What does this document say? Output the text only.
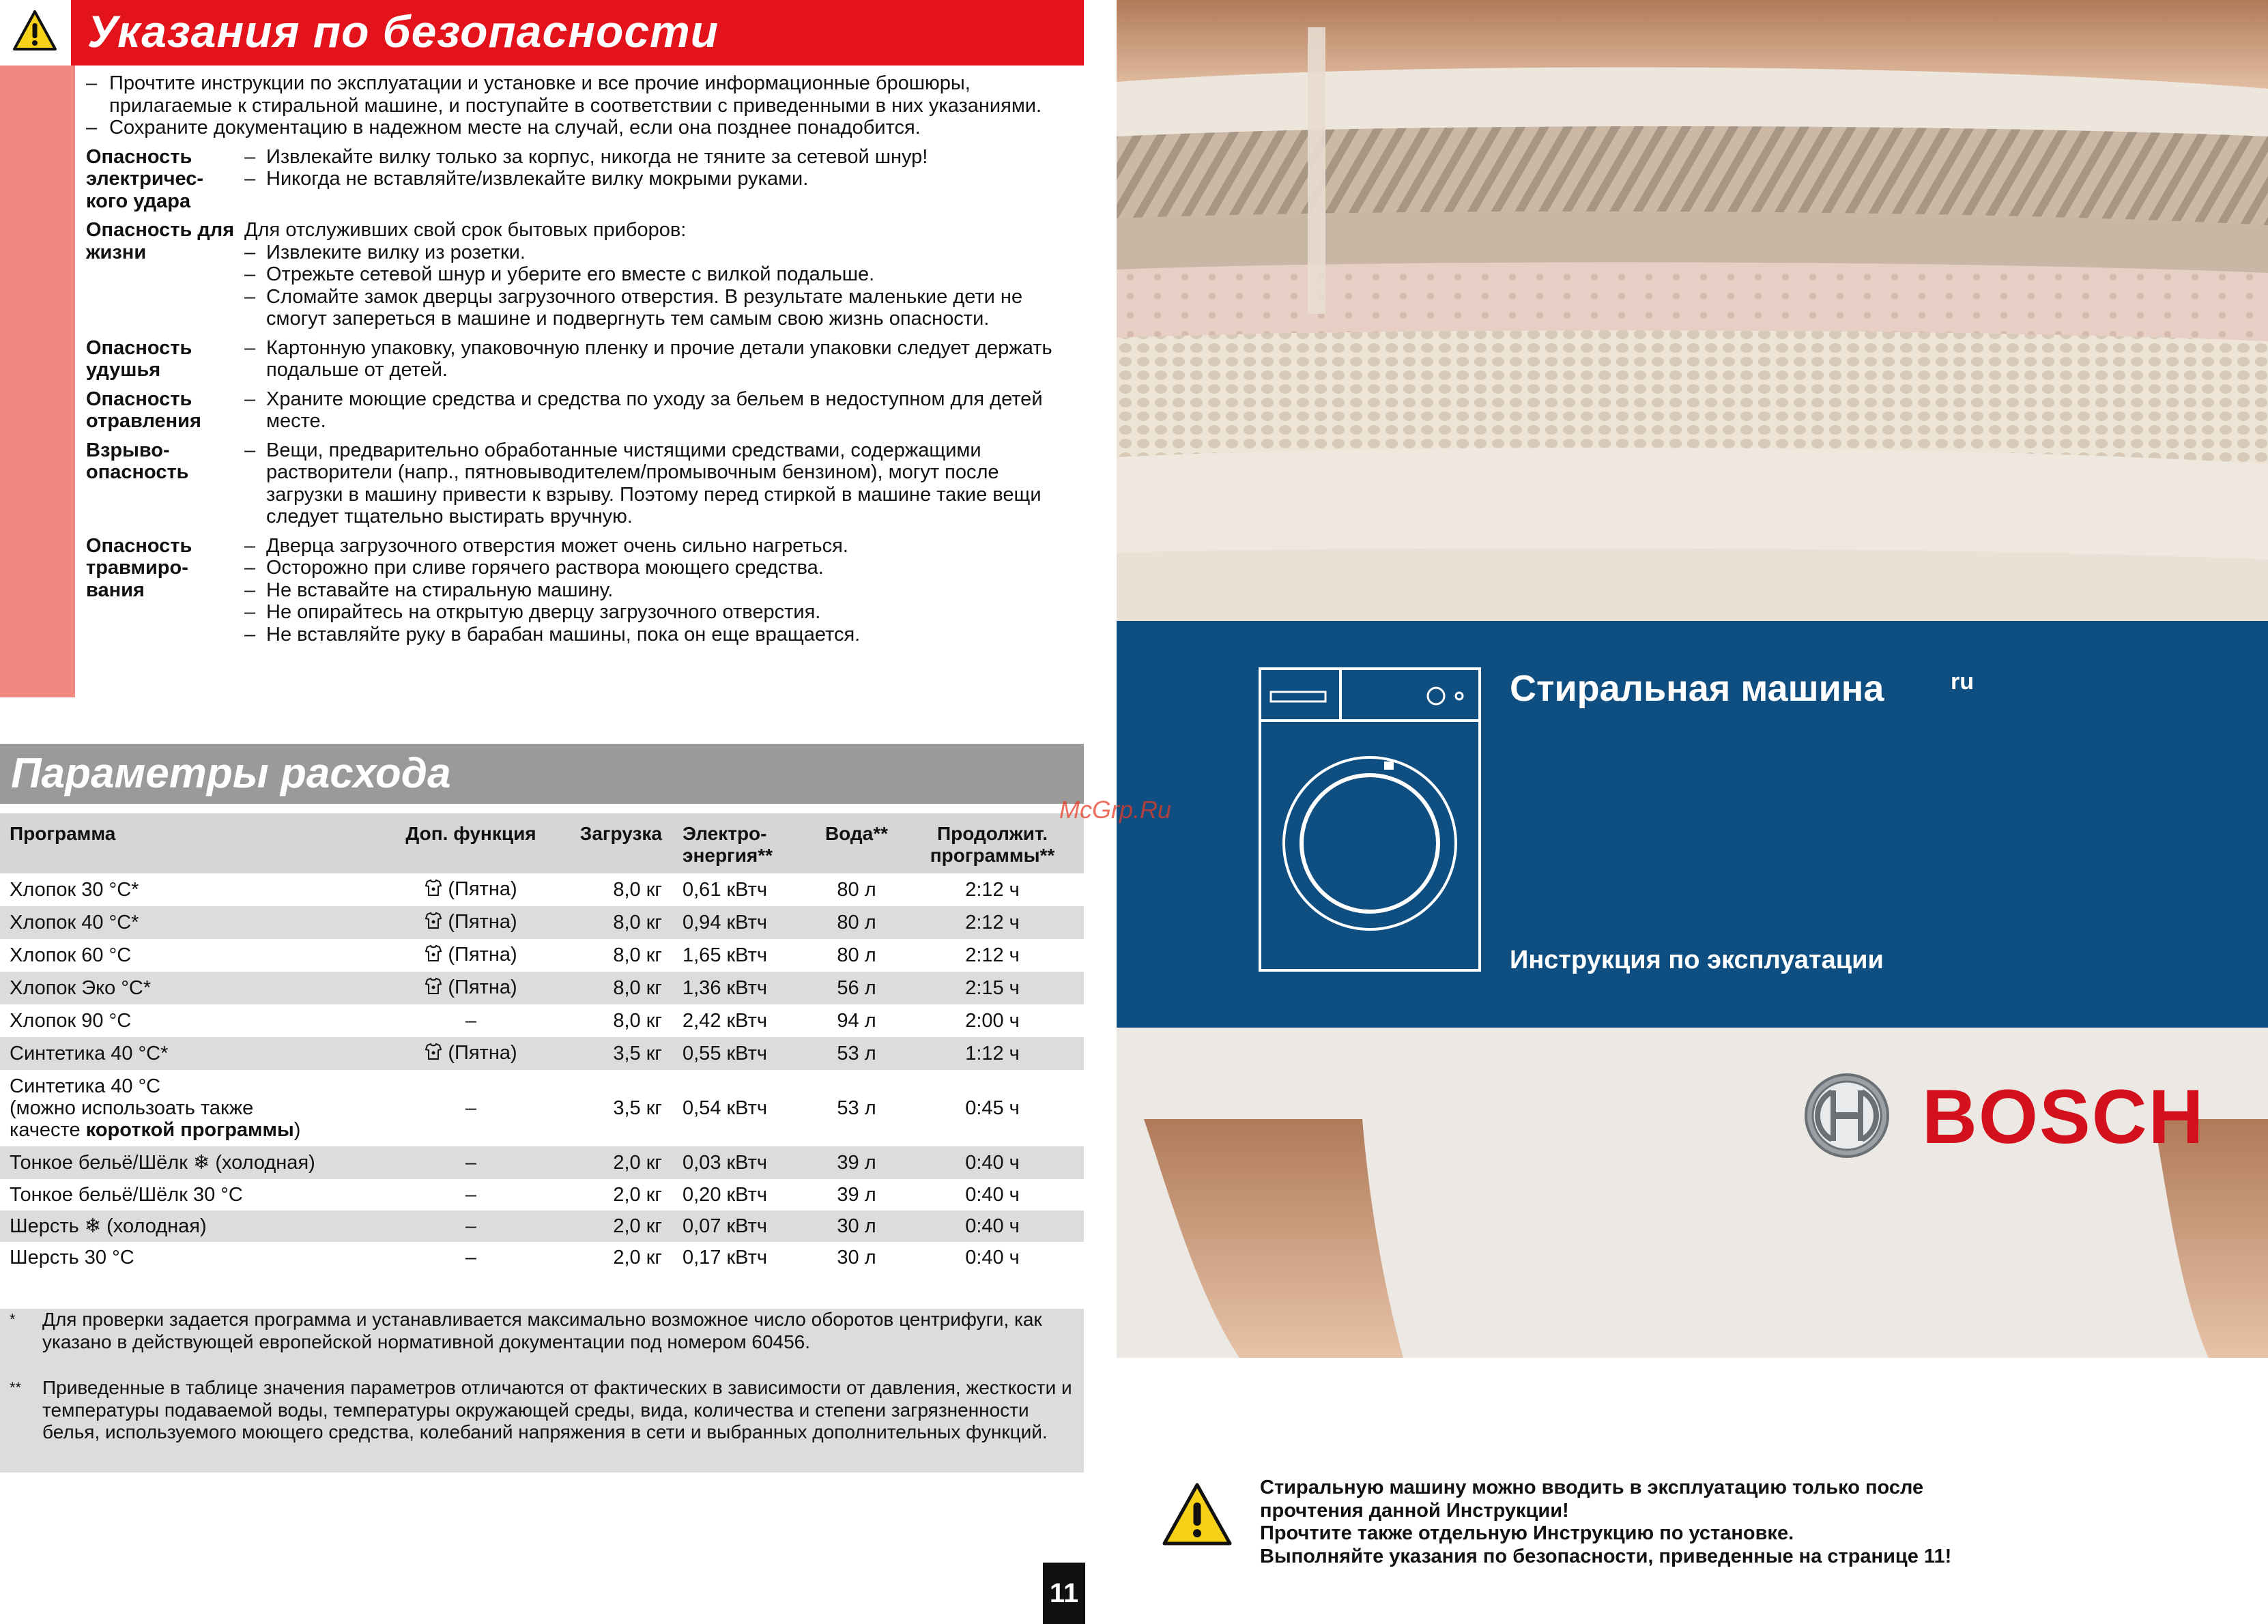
Указания по безопасности
– Прочтите инструкции по эксплуатации и установке и все прочие информационные брошюры, прилагаемые к стиральной машине, и поступайте в соответствии с приведенными в них указаниями.
– Сохраните документацию в надежном месте на случай, если она позднее понадобится.
Опасность электричес-кого удара
– Извлекайте вилку только за корпус, никогда не тяните за сетевой шнур!
– Никогда не вставляйте/извлекайте вилку мокрыми руками.
Опасность для жизни
Для отслуживших свой срок бытовых приборов:
– Извлеките вилку из розетки.
– Отрежьте сетевой шнур и уберите его вместе с вилкой подальше.
– Сломайте замок дверцы загрузочного отверстия. В результате маленькие дети не смогут запереться в машине и подвергнуть тем самым свою жизнь опасности.
Опасность удушья
– Картонную упаковку, упаковочную пленку и прочие детали упаковки следует держать подальше от детей.
Опасность отравления
– Храните моющие средства и средства по уходу за бельем в недоступном для детей месте.
Взрыво-опасность
– Вещи, предварительно обработанные чистящими средствами, содержащими растворители (напр., пятновыводителем/промывочным бензином), могут после загрузки в машину привести к взрыву. Поэтому перед стиркой в машине такие вещи следует тщательно выстирать вручную.
Опасность травмиро-вания
– Дверца загрузочного отверстия может очень сильно нагреться.
– Осторожно при сливе горячего раствора моющего средства.
– Не вставайте на стиральную машину.
– Не опирайтесь на открытую дверцу загрузочного отверстия.
– Не вставляйте руку в барабан машины, пока он еще вращается.
Параметры расхода
Программа	Доп. функция	Загрузка	Электро-энергия**	Вода**	Продолжит. программы**
Хлопок 30 °C*	(Пятна)	8,0 кг	0,61 кВтч	80 л	2:12 ч
Хлопок 40 °C*	(Пятна)	8,0 кг	0,94 кВтч	80 л	2:12 ч
Хлопок 60 °C	(Пятна)	8,0 кг	1,65 кВтч	80 л	2:12 ч
Хлопок Эко °C*	(Пятна)	8,0 кг	1,36 кВтч	56 л	2:15 ч
Хлопок 90 °C	–	8,0 кг	2,42 кВтч	94 л	2:00 ч
Синтетика 40 °C*	(Пятна)	3,5 кг	0,55 кВтч	53 л	1:12 ч

Синтетика 40 °C
(можно использоать также
качесте короткой программы)	–	3,5 кг	0,54 кВтч	53 л	0:45 ч
Тонкое бельё/Шёлк ❄ (холодная)	–	2,0 кг	0,03 кВтч	39 л	0:40 ч
Тонкое бельё/Шёлк 30 °C	–	2,0 кг	0,20 кВтч	39 л	0:40 ч
Шерсть ❄ (холодная)	–	2,0 кг	0,07 кВтч	30 л	0:40 ч
Шерсть 30 °C	–	2,0 кг	0,17 кВтч	30 л	0:40 ч
*	Для проверки задается программа и устанавливается максимально возможное число оборотов центрифуги, как указано в действующей европейской нормативной документации под номером 60456.
**	Приведенные в таблице значения параметров отличаются от фактических в зависимости от давления, жесткости и температуры подаваемой воды, температуры окружающей среды, вида, количества и степени загрязненности белья, используемого моющего средства, колебаний напряжения в сети и выбранных дополнительных функций.
11
Стиральная машина	ru
Инструкция по эксплуатации
BOSCH
McGrp.Ru
Стиральную машину можно вводить в эксплуатацию только после
прочтения данной Инструкции!
Прочтите также отдельную Инструкцию по установке.
Выполняйте указания по безопасности, приведенные на странице 11!
